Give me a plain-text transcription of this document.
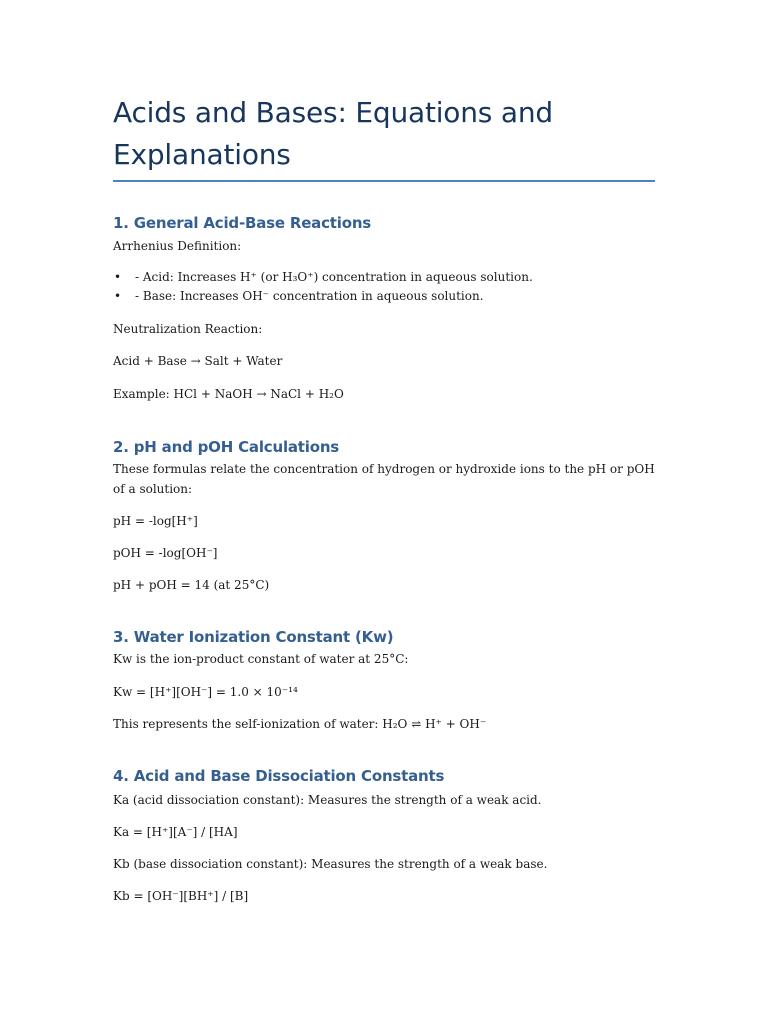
Acids and Bases: Equations and Explanations
1. General Acid-Base Reactions

Arrhenius Definition:

• - Acid: Increases H⁺ (or H₃O⁺) concentration in aqueous solution.
• - Base: Increases OH⁻ concentration in aqueous solution.

Neutralization Reaction:

Acid + Base → Salt + Water

Example: HCl + NaOH → NaCl + H₂O

2. pH and pOH Calculations

These formulas relate the concentration of hydrogen or hydroxide ions to the pH or pOH of a solution:

pH = -log[H⁺]

pOH = -log[OH⁻]

pH + pOH = 14 (at 25°C)

3. Water Ionization Constant (Kw)

Kw is the ion-product constant of water at 25°C:

Kw = [H⁺][OH⁻] = 1.0 × 10⁻¹⁴

This represents the self-ionization of water: H₂O ⇌ H⁺ + OH⁻

4. Acid and Base Dissociation Constants

Ka (acid dissociation constant): Measures the strength of a weak acid.

Ka = [H⁺][A⁻] / [HA]

Kb (base dissociation constant): Measures the strength of a weak base.

Kb = [OH⁻][BH⁺] / [B]
